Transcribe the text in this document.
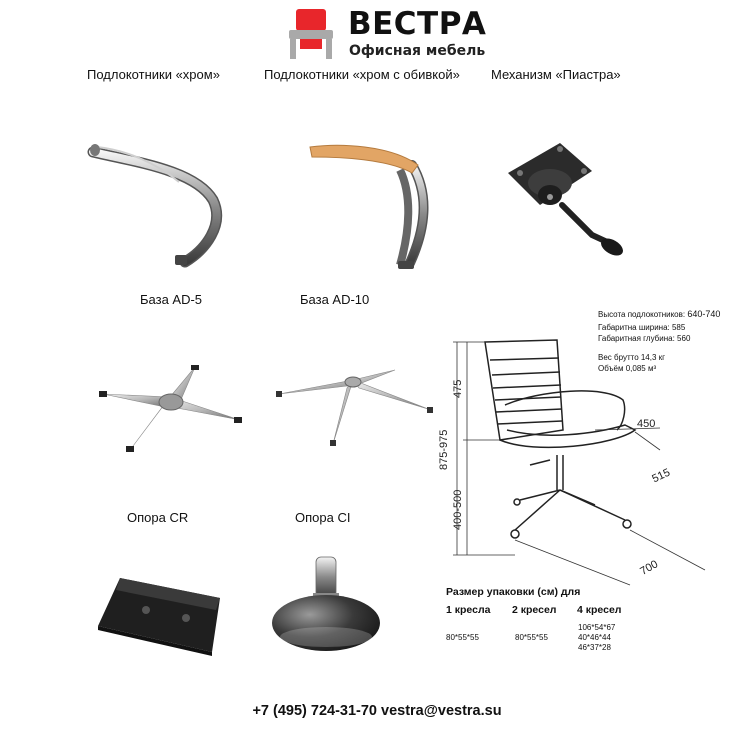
ВЕСТРА
Офисная мебель
Подлокотники «хром»	Подлокотники «хром с обивкой» Механизм «Пиастра»
База AD-5	База AD-10
Опора CR	Опора CI
475
875-975
400-500
450
515
700
Высота подлокотников: 640-740
Габаритна ширина: 585
Габаритная глубина: 560
Вес брутто 14,3 кг
Объём 0,085 м³
Размер упаковки (см) для
1 кресла 2 кресел 4 кресел
80*55*55	80*55*55
106*54*67
40*46*44
46*37*28
+7 (495) 724-31-70 vestra@vestra.su
